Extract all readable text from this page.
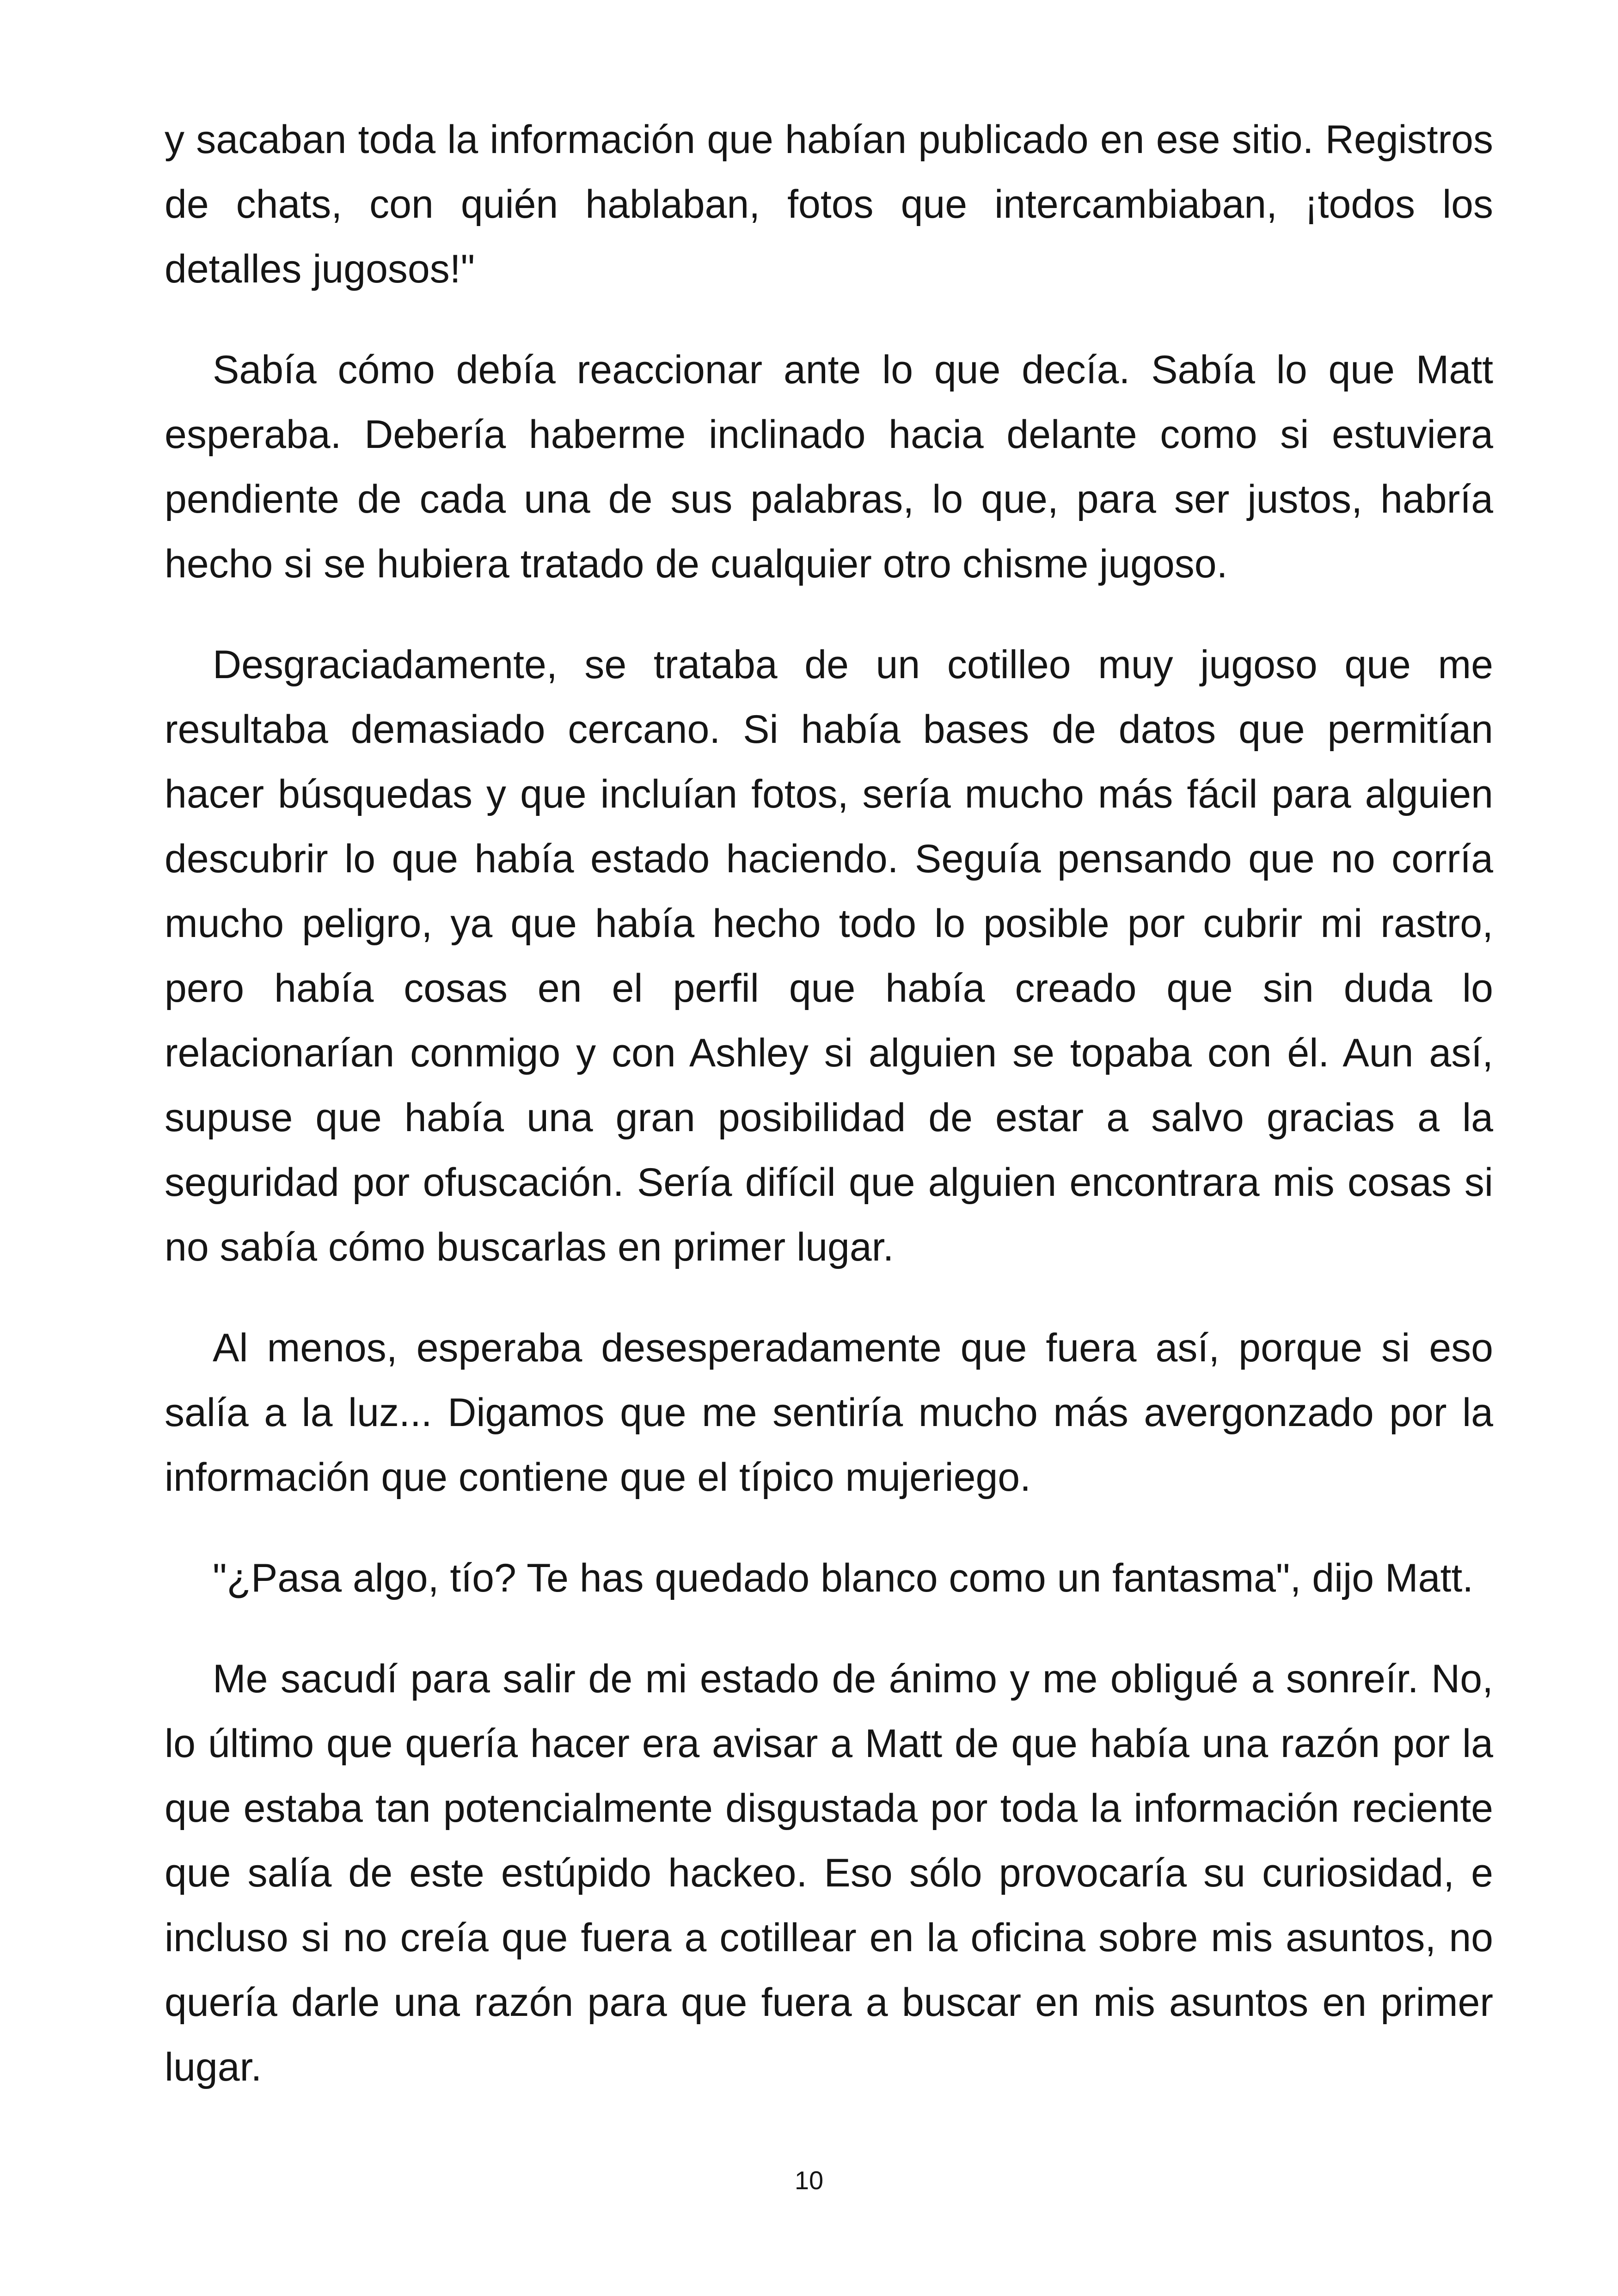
y sacaban toda la información que habían publicado en ese sitio. Registros de chats, con quién hablaban, fotos que intercambiaban, ¡todos los detalles jugosos!"

Sabía cómo debía reaccionar ante lo que decía. Sabía lo que Matt esperaba. Debería haberme inclinado hacia delante como si estuviera pendiente de cada una de sus palabras, lo que, para ser justos, habría hecho si se hubiera tratado de cualquier otro chisme jugoso.

Desgraciadamente, se trataba de un cotilleo muy jugoso que me resultaba demasiado cercano. Si había bases de datos que permitían hacer búsquedas y que incluían fotos, sería mucho más fácil para alguien descubrir lo que había estado haciendo. Seguía pensando que no corría mucho peligro, ya que había hecho todo lo posible por cubrir mi rastro, pero había cosas en el perfil que había creado que sin duda lo relacionarían conmigo y con Ashley si alguien se topaba con él. Aun así, supuse que había una gran posibilidad de estar a salvo gracias a la seguridad por ofuscación. Sería difícil que alguien encontrara mis cosas si no sabía cómo buscarlas en primer lugar.

Al menos, esperaba desesperadamente que fuera así, porque si eso salía a la luz... Digamos que me sentiría mucho más avergonzado por la información que contiene que el típico mujeriego.

"¿Pasa algo, tío? Te has quedado blanco como un fantasma", dijo Matt.

Me sacudí para salir de mi estado de ánimo y me obligué a sonreír. No, lo último que quería hacer era avisar a Matt de que había una razón por la que estaba tan potencialmente disgustada por toda la información reciente que salía de este estúpido hackeo. Eso sólo provocaría su curiosidad, e incluso si no creía que fuera a cotillear en la oficina sobre mis asuntos, no quería darle una razón para que fuera a buscar en mis asuntos en primer lugar.

10
